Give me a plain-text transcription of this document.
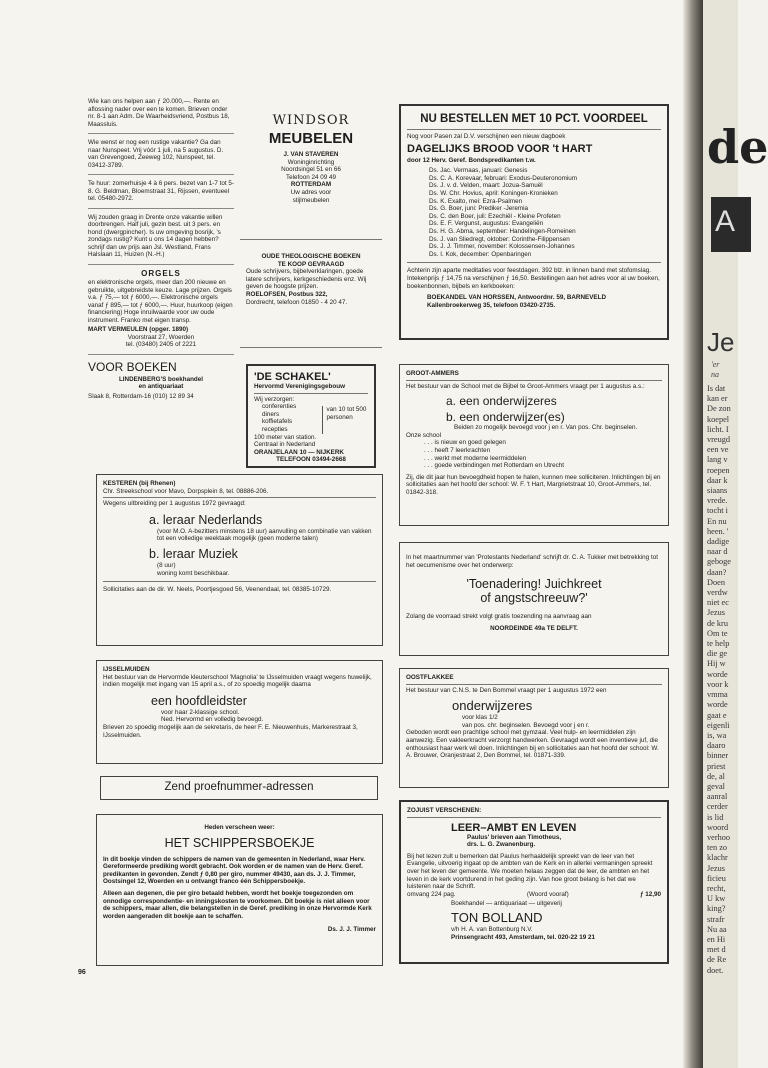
Wie kan ons helpen aan ƒ 20.000,—. Rente en aflossing nader over een te komen. Brieven onder nr. 8-1 aan Adm. De Waarheidsvriend, Postbus 18, Maassluis.

Wie wenst er nog een rustige vakantie? Ga dan naar Nunspeet. Vrij vóór 1 juli, na 5 augustus. D. van Grevengoed, Zeeweg 102, Nunspeet, tel. 03412-3789.

Te huur: zomerhuisje 4 à 6 pers. bezet van 1-7 tot 5-8. G. Beldman, Bloemstraat 31, Rijssen, eventueel tel. 05480-2972.

Wij zouden graag in Drente onze vakantie willen doorbrengen. Half juli, gezin best. uit 3 pers. en hond (dwergpincher). Is uw omgeving bosrijk, 's zondags rustig? Kunt u ons 14 dagen hebben? schrijf dan uw prijs aan Jsl. Westland, Frans Halslaan 11, Huizen (N.-H.)

ORGELS

en elektronische orgels, meer dan 200 nieuwe en gebruikte, uitgebreidste keuze. Lage prijzen. Orgels v.a. ƒ 75,— tot ƒ 6000,—. Elektronische orgels vanaf ƒ 895,— tot ƒ 6000,—. Huur, huurkoop (eigen financiering) Hoge inruilwaarde voor uw oude instrument. Franko met eigen transp.

MART VERMEULEN (opger. 1890)

Voorstraat 27, Woerden

tel. (03480) 2405 of 2221

VOOR BOEKEN

LINDENBERG'S boekhandel

en antiquariaat

Slaak 8, Rotterdam-16 (010) 12 89 34

WINDSOR
MEUBELEN

J. VAN STAVEREN

Woninginrichting

Noordsingel 51 en 66

Telefoon 24 09 49

ROTTERDAM

Uw adres voor

stijlmeubelen

OUDE THEOLOGISCHE BOEKEN

TE KOOP GEVRAAGD

Oude schrijvers, bijbelverklaringen, goede latere schrijvers, kerkgeschiedenis enz. Wij geven de hoogste prijzen.

ROELOFSEN, Postbus 322,

Dordrecht, telefoon 01850 - 4 20 47.

'DE SCHAKEL'

Hervormd Verenigingsgebouw

Wij verzorgen:

conferenties

diners

koffietafels

recepties

van 10 tot 500 personen

100 meter van station.

Centraal in Nederland

ORANJELAAN 10 — NIJKERK

TELEFOON 03494-2668

NU BESTELLEN MET 10 PCT. VOORDEEL

Nog voor Pasen zal D.V. verschijnen een nieuw dagboek

DAGELIJKS BROOD VOOR 't HART

door 12 Herv. Geref. Bondspredikanten t.w.

Ds. Jac. Vermaas, januari: Genesis

Ds. C. A. Korevaar, februari: Exodus-Deuteronomium

Ds. J. v. d. Velden, maart: Jozua-Samuël

Ds. W. Chr. Hovius, april: Koningen-Kronieken

Ds. K. Exalto, mei: Ezra-Psalmen

Ds. G. Boer, juni: Prediker -Jeremia

Ds. C. den Boer, juli: Ezechiël - Kleine Profeten

Ds. E. F. Vergunst, augustus: Evangeliën

Ds. H. G. Abma, september: Handelingen-Romeinen

Ds. J. van Sliedregt, oktober: Corinthe-Filippensen

Ds. J. J. Timmer, november: Kolossensen-Johannes

Ds. I. Kok, december: Openbaringen

Achterin zijn aparte meditaties voor feestdagen. 392 blz. in linnen band met stofomslag. Intekenprijs ƒ 14,75 na verschijnen ƒ 16,50. Bestellingen aan het adres voor al uw boeken, boekenbonnen, bijbels en kerkboeken:

BOEKANDEL VAN HORSSEN, Antwoordnr. 59, BARNEVELD

Kallenbroekerweg 35, telefoon 03420-2735.

GROOT-AMMERS

Het bestuur van de School met de Bijbel te Groot-Ammers vraagt per 1 augustus a.s.:

a. een onderwijzeres
b. een onderwijzer(es)

Beiden zo mogelijk bevoegd voor j en r. Van pos. Chr. beginselen.

Onze school

. . . is nieuw en goed gelegen

. . . heeft 7 leerkrachten

. . . werkt met moderne leermiddelen

. . . goede verbindingen met Rotterdam en Utrecht

Zij, die dit jaar hun bevoegdheid hopen te halen, kunnen mee solliciteren. Inlichtingen bij en sollicitaties aan het hoofd der school: W. F. 't Hart, Margrietstraat 10, Groot-Ammers, tel. 01842-318.

KESTEREN (bij Rhenen)

Chr. Streekschool voor Mavo, Dorpsplein 8, tel. 08886-206.

Wegens uitbreiding per 1 augustus 1972 gevraagd:

a. leraar Nederlands

(voor M.O. A-bezitters minstens 18 uur) aanvulling en combinatie van vakken tot een volledige weektaak mogelijk (geen moderne talen)

b. leraar Muziek

(8 uur)

woning komt beschikbaar.

Sollicitaties aan de dir. W. Neels, Poortjesgoed 56, Veenendaal, tel. 08385-10729.

In het maartnummer van 'Protestants Nederland' schrijft dr. C. A. Tukker met betrekking tot het oecumenisme over het onderwerp:

'Toenadering! Juichkreet
of angstschreeuw?'

Zolang de voorraad strekt volgt gratis toezending na aanvraag aan

NOORDEINDE 49a TE DELFT.

IJSSELMUIDEN

Het bestuur van de Hervormde kleuterschool 'Magnolia' te IJsselmuiden vraagt wegens huwelijk, indien mogelijk met ingang van 15 april a.s., of zo spoedig mogelijk daarna

een hoofdleidster

voor haar 2-klassige school.

Ned. Hervormd en volledig bevoegd.

Brieven zo spoedig mogelijk aan de sekretaris, de heer F. E. Nieuwenhuis, Markerestraat 3, IJsselmuiden.

OOSTFLAKKEE

Het bestuur van C.N.S. te Den Bommel vraagt per 1 augustus 1972 een

onderwijzeres

voor klas 1/2

van pos. chr. beginselen. Bevoegd voor j en r.

Geboden wordt een prachtige school met gymzaal. Veel hulp- en leermiddelen zijn aanwezig. Een vakleerkracht verzorgt handwerken. Gevraagd wordt een inventieve juf, die enthousiast haar werk wil doen. Inlichtingen bij en sollicitaties aan het hoofd der school: W. A. Brouwer, Oranjestraat 2, Den Bommel, tel. 01871-339.

Zend proefnummer-adressen

Heden verscheen weer:

HET SCHIPPERSBOEKJE

In dit boekje vinden de schippers de namen van de gemeenten in Nederland, waar Herv. Gereformeerde prediking wordt gebracht. Ook worden er de namen van de Herv. Geref. predikanten in gevonden. Zendt ƒ 0,80 per giro, nummer 49430, aan ds. J. J. Timmer, Oostsingel 12, Woerden en u ontvangt franco één Schippersboekje.

Alleen aan degenen, die per giro betaald hebben, wordt het boekje toegezonden om onnodige correspondentie- en inningskosten te voorkomen. Dit boekje is niet alleen voor de schippers, maar allen, die belangstellen in de Geref. prediking in onze Hervormde Kerk worden aangeraden dit boekje aan te schaffen.

Ds. J. J. Timmer

ZOJUIST VERSCHENEN:

LEER–AMBT EN LEVEN

Paulus' brieven aan Timotheus,

drs. L. G. Zwanenburg.

Bij het lezen zult u bemerken dat Paulus herhaaldelijk spreekt van de leer van het Evangelie, uitvoerig ingaat op de ambten van de Kerk en in allerlei vermaningen spreekt over het leven der gemeente. We moeten helaas zeggen dat de leer, de ambten en het leven in de kerk voortdurend in het geding zijn. Van hoe groot belang is het dat we luisteren naar de Schrift.

omvang 224 pag.	(Woord vooraf)	ƒ 12,90

Boekhandel — antiquariaat — uitgeverij

TON BOLLAND

v/h H. A. van Bottenburg N.V.

Prinsengracht 493, Amsterdam, tel. 020-22 19 21

96
de
A
Je
'er
na
Is dat
kan er
De zon
koepel
licht. I
vreugd
een ve
lang v
roepen
daar k
siaans
vrede.
tocht i
En nu
heen. '
dadige
naar d
geboge
daan?
Doen
verdw
niet ec
Jezus
de kru
Om te
te help
die ge
Hij w
worde
voor k
vmma
worde
gaat e
eigenli
is, wa
daaro
binner
priest
de, al
geval
aanral
cerder
is lid
woord
verhoo
ten zo
klachr
Jezus
ficieu
recht,
U kw
king?
strafr
Nu aa
en Hi
met d
de Re
doet.
